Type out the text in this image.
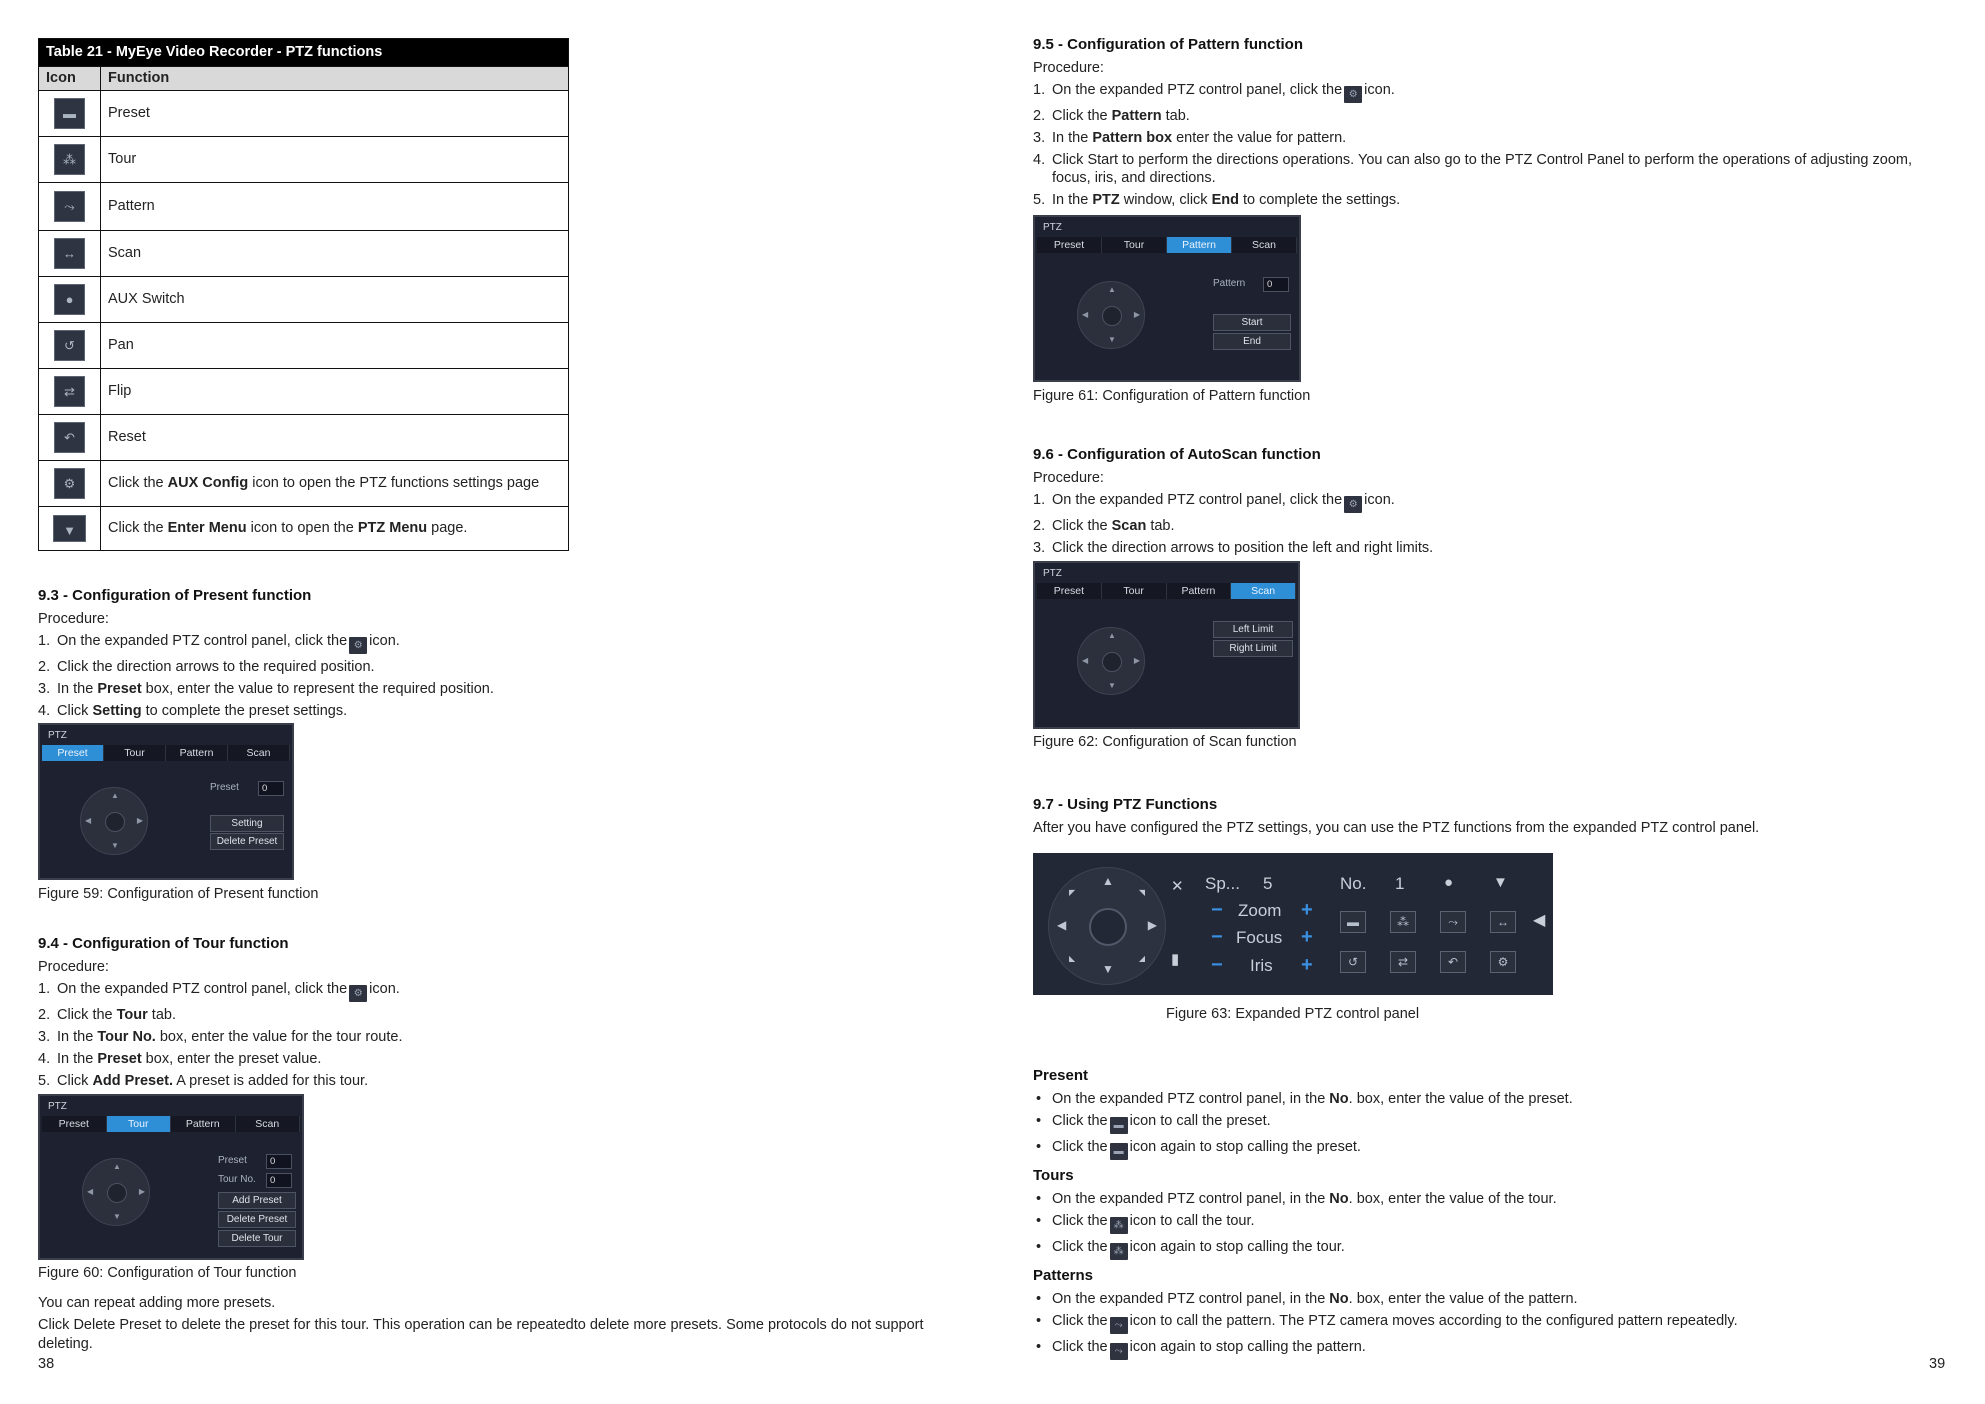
Table 21 - MyEye Video Recorder - PTZ functions	
Icon	Function
▬	Preset
⁂	Tour
⤳	Pattern
↔	Scan
●	AUX Switch
↺	Pan
⇄	Flip
↶	Reset
⚙	Click the AUX Config icon to open the PTZ functions settings page
▼	Click the Enter Menu icon to open the PTZ Menu page.
9.3 - Configuration of Present function
Procedure:
1. On the expanded PTZ control panel, click the ⚙ icon.
2. Click the direction arrows to the required position.
3. In the Preset box, enter the value to represent the required position.
4. Click Setting to complete the preset settings.
PTZ
Preset	Tour	Pattern	Scan
▲
▼
◀	▶
Preset	0
Setting
Delete Preset
Figure 59: Configuration of Present function
9.4 - Configuration of Tour function
Procedure:
1. On the expanded PTZ control panel, click the ⚙ icon.
2. Click the Tour tab.
3. In the Tour No. box, enter the value for the tour route.
4. In the Preset box, enter the preset value.
5. Click Add Preset. A preset is added for this tour.
PTZ
Preset	Tour	Pattern	Scan
▲
▼
◀	▶
Preset	0
Tour No.	0
Add Preset
Delete Preset
Delete Tour
Figure 60: Configuration of Tour function
You can repeat adding more presets.
Click Delete Preset to delete the preset for this tour. This operation can be repeatedto delete more presets. Some protocols do not support deleting.
38
9.5 - Configuration of Pattern function
Procedure:
1. On the expanded PTZ control panel, click the ⚙ icon.
2. Click the Pattern tab.
3. In the Pattern box enter the value for pattern.
4. Click Start to perform the directions operations. You can also go to the PTZ Control Panel to perform the operations of adjusting zoom, focus, iris, and directions.
5. In the PTZ window, click End to complete the settings.
PTZ
Preset	Tour	Pattern	Scan
▲
▼
◀	▶
Pattern	0
Start
End
Figure 61: Configuration of Pattern function
9.6 - Configuration of AutoScan function
Procedure:
1. On the expanded PTZ control panel, click the ⚙ icon.
2. Click the Scan tab.
3. Click the direction arrows to position the left and right limits.
PTZ
Preset	Tour	Pattern	Scan
▲
▼
◀	▶
Left Limit
Right Limit
Figure 62: Configuration of Scan function
9.7 - Using PTZ Functions
After you have configured the PTZ settings, you can use the PTZ functions from the expanded PTZ control panel.
▲
▼
◀	▶
◤	◥
◣	◢
✕
▮
Sp... 5
− Zoom +
− Focus +
− Iris +
No. 1	●	▼
▬	⁂	⤳	↔
↺	⇄	↶	⚙
◀
Figure 63: Expanded PTZ control panel
Present
• On the expanded PTZ control panel, in the No. box, enter the value of the preset.
• Click the ▬ icon to call the preset.
• Click the ▬ icon again to stop calling the preset.
Tours
• On the expanded PTZ control panel, in the No. box, enter the value of the tour.
• Click the ⁂ icon to call the tour.
• Click the ⁂ icon again to stop calling the tour.
Patterns
• On the expanded PTZ control panel, in the No. box, enter the value of the pattern.
• Click the ⤳ icon to call the pattern. The PTZ camera moves according to the configured pattern repeatedly.
• Click the ⤳ icon again to stop calling the pattern.
39
